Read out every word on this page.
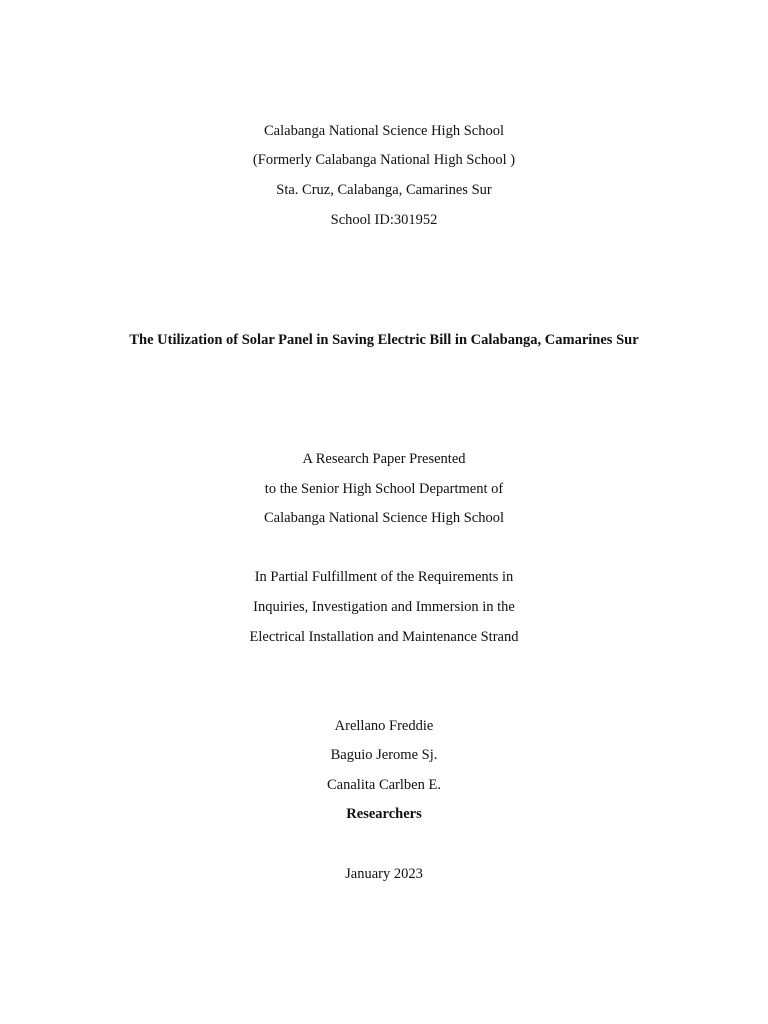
Calabanga National Science High School
(Formerly Calabanga National High School )
Sta. Cruz, Calabanga, Camarines Sur
School ID:301952
The Utilization of Solar Panel in Saving Electric Bill in Calabanga, Camarines Sur
A Research Paper Presented
to the Senior High School Department of
Calabanga National Science High School
In Partial Fulfillment of the Requirements in
Inquiries, Investigation and Immersion in the
Electrical Installation and Maintenance Strand
Arellano Freddie
Baguio Jerome Sj.
Canalita Carlben E.
Researchers
January 2023
